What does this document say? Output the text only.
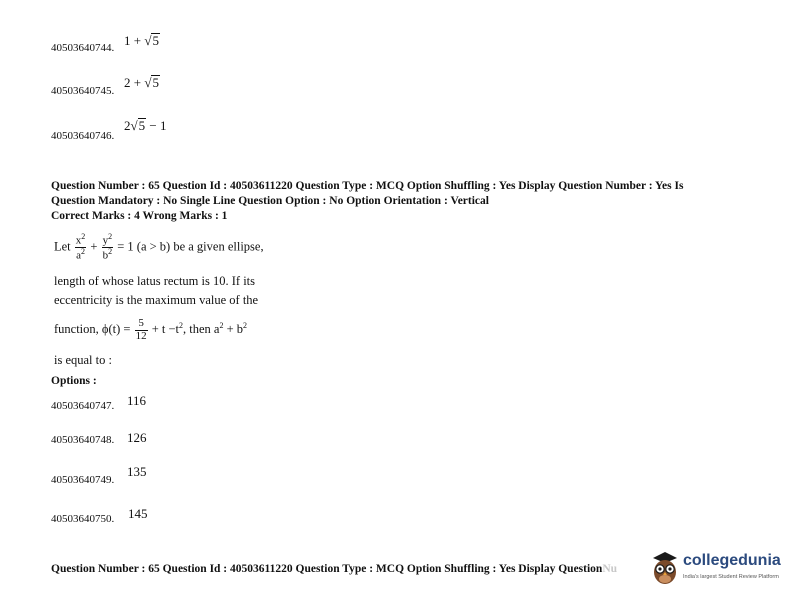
40503640744. 1 + √5
40503640745.
2 + √5
40503640746.
2√5 − 1
Question Number : 65 Question Id : 40503611220 Question Type : MCQ Option Shuffling : Yes Display Question Number : Yes Is
Question Mandatory : No Single Line Question Option : No Option Orientation : Vertical
Correct Marks : 4 Wrong Marks : 1
Let $\frac{x^2}{a^2} + \frac{y^2}{b^2} = 1$ (a > b) be a given ellipse,
length of whose latus rectum is 10. If its
eccentricity is the maximum value of the
function, $\phi(t) = \frac{5}{12} + t -t^2$, then $a^2 + b^2$
is equal to :
Options :
40503640747. 116
40503640748. 126
40503640749.
135
40503640750. 145
Question Number : 65 Question Id : 40503611220 Question Type : MCQ Option Shuffling : Yes Display QuestionNu	collegedunia
India's largest Student Review Platform
